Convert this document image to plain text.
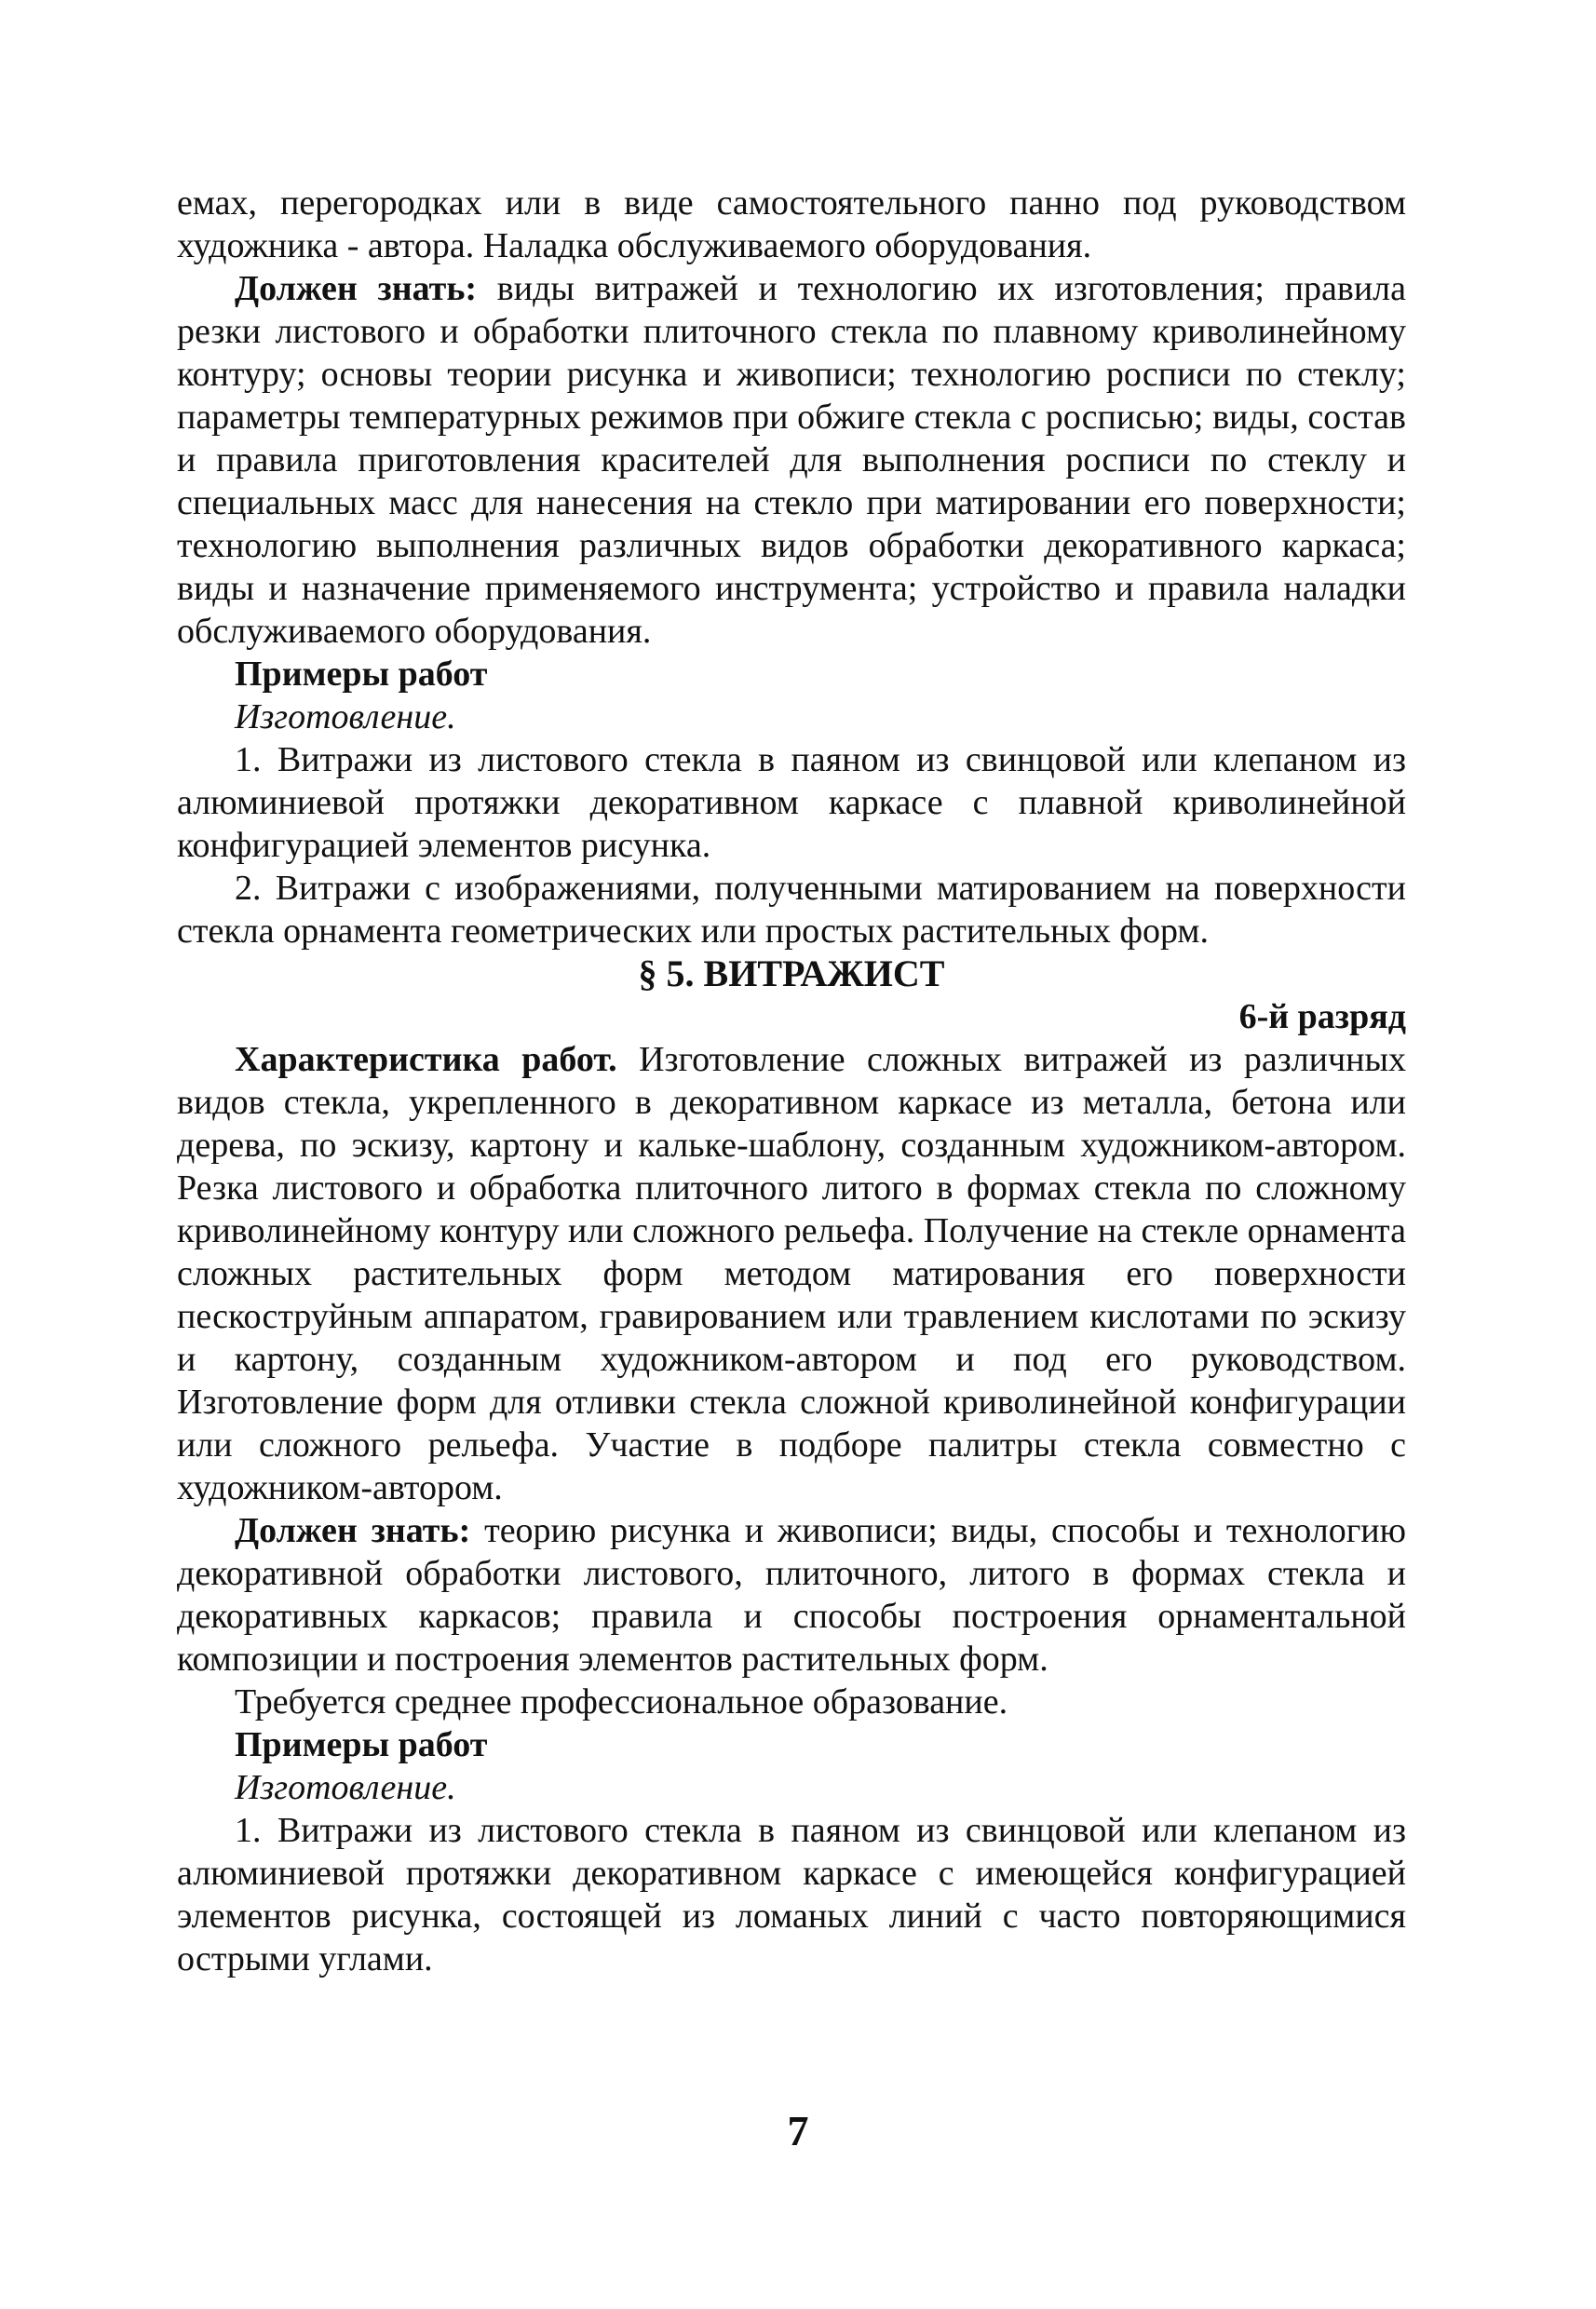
емах, перегородках или в виде самостоятельного панно под руководством художника - автора. Наладка обслуживаемого оборудования.

Должен знать: виды витражей и технологию их изготовления; правила резки листового и обработки плиточного стекла по плавному криволинейному контуру; основы теории рисунка и живописи; технологию росписи по стеклу; параметры температурных режимов при обжиге стекла с росписью; виды, состав и правила приготовления красителей для выполнения росписи по стеклу и специальных масс для нанесения на стекло при матировании его поверхности; технологию выполнения различных видов обработки декоративного каркаса; виды и назначение применяемого инструмента; устройство и правила наладки обслуживаемого оборудования.

Примеры работ

Изготовление.

1. Витражи из листового стекла в паяном из свинцовой или клепаном из алюминиевой протяжки декоративном каркасе с плавной криволинейной конфигурацией элементов рисунка.

2. Витражи с изображениями, полученными матированием на поверхности стекла орнамента геометрических или простых растительных форм.

§ 5. ВИТРАЖИСТ

6-й разряд

Характеристика работ. Изготовление сложных витражей из различных видов стекла, укрепленного в декоративном каркасе из металла, бетона или дерева, по эскизу, картону и кальке-шаблону, созданным художником-автором. Резка листового и обработка плиточного литого в формах стекла по сложному криволинейному контуру или сложного рельефа. Получение на стекле орнамента сложных растительных форм методом матирования его поверхности пескоструйным аппаратом, гравированием или травлением кислотами по эскизу и картону, созданным художником-автором и под его руководством. Изготовление форм для отливки стекла сложной криволинейной конфигурации или сложного рельефа. Участие в подборе палитры стекла совместно с художником-автором.

Должен знать: теорию рисунка и живописи; виды, способы и технологию декоративной обработки листового, плиточного, литого в формах стекла и декоративных каркасов; правила и способы построения орнаментальной композиции и построения элементов растительных форм.

Требуется среднее профессиональное образование.

Примеры работ

Изготовление.

1. Витражи из листового стекла в паяном из свинцовой или клепаном из алюминиевой протяжки декоративном каркасе с имеющейся конфигурацией элементов рисунка, состоящей из ломаных линий с часто повторяющимися острыми углами.

7
